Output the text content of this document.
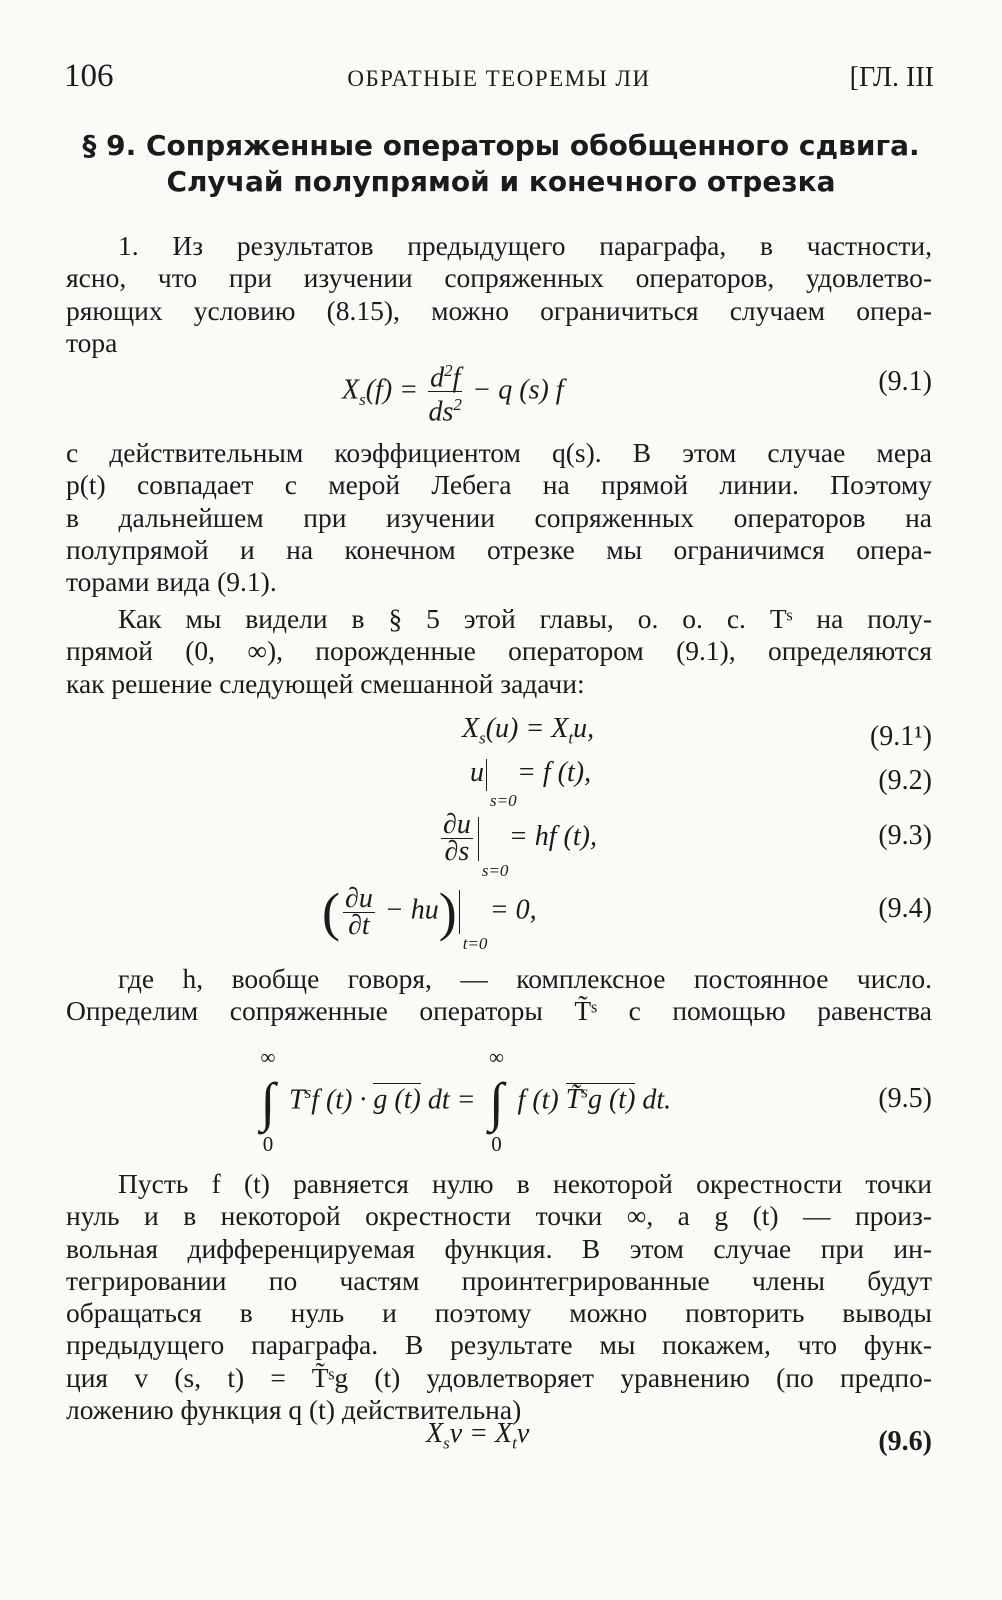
106	ОБРАТНЫЕ ТЕОРЕМЫ ЛИ	[ГЛ. III
§ 9. Сопряженные операторы обобщенного сдвига.
Случай полупрямой и конечного отрезка
1. Из результатов предыдущего параграфа, в частности,
ясно, что при изучении сопряженных операторов, удовлетво-
ряющих условию (8.15), можно ограничиться случаем опера-
тора
$X_s(f) = \frac{d^2f}{ds^2} - q$ (s) f	(9.1)
с действительным коэффициентом q(s). В этом случае мера
p(t) совпадает с мерой Лебега на прямой линии. Поэтому
в дальнейшем при изучении сопряженных операторов на
полупрямой и на конечном отрезке мы ограничимся опера-
торами вида (9.1).
Как мы видели в § 5 этой главы, о. о. с. Tˢ на полу-
прямой (0, ∞), порожденные оператором (9.1), определяются
как решение следующей смешанной задачи:
$X_s(u) = X_tu$,	(9.1¹)
u
s=0
= f (t),	(9.2)
$\frac{\partial u}{\partial s}$
s=0
= hf (t),	(9.3)
( $\frac{\partial u}{\partial t} - hu$)
t=0
= 0,	(9.4)
где h, вообще говоря, — комплексное постоянное число.
Определим сопряженные операторы T̃ˢ с помощью равенства
∞
∫
0
$T^sf$ (t) · g (t) dt =
∞
∫
0
f (t) T̃$^s$g (t) dt.	(9.5)
Пусть f (t) равняется нулю в некоторой окрестности точки
нуль и в некоторой окрестности точки ∞, а g (t) — произ-
вольная дифференцируемая функция. В этом случае при ин-
тегрировании по частям проинтегрированные члены будут
обращаться в нуль и поэтому можно повторить выводы
предыдущего параграфа. В результате мы покажем, что функ-
ция v (s, t) = T̃ˢg (t) удовлетворяет уравнению (по предпо-
ложению функция q (t) действительна)
$X_sv = X_tv$	(9.6)
